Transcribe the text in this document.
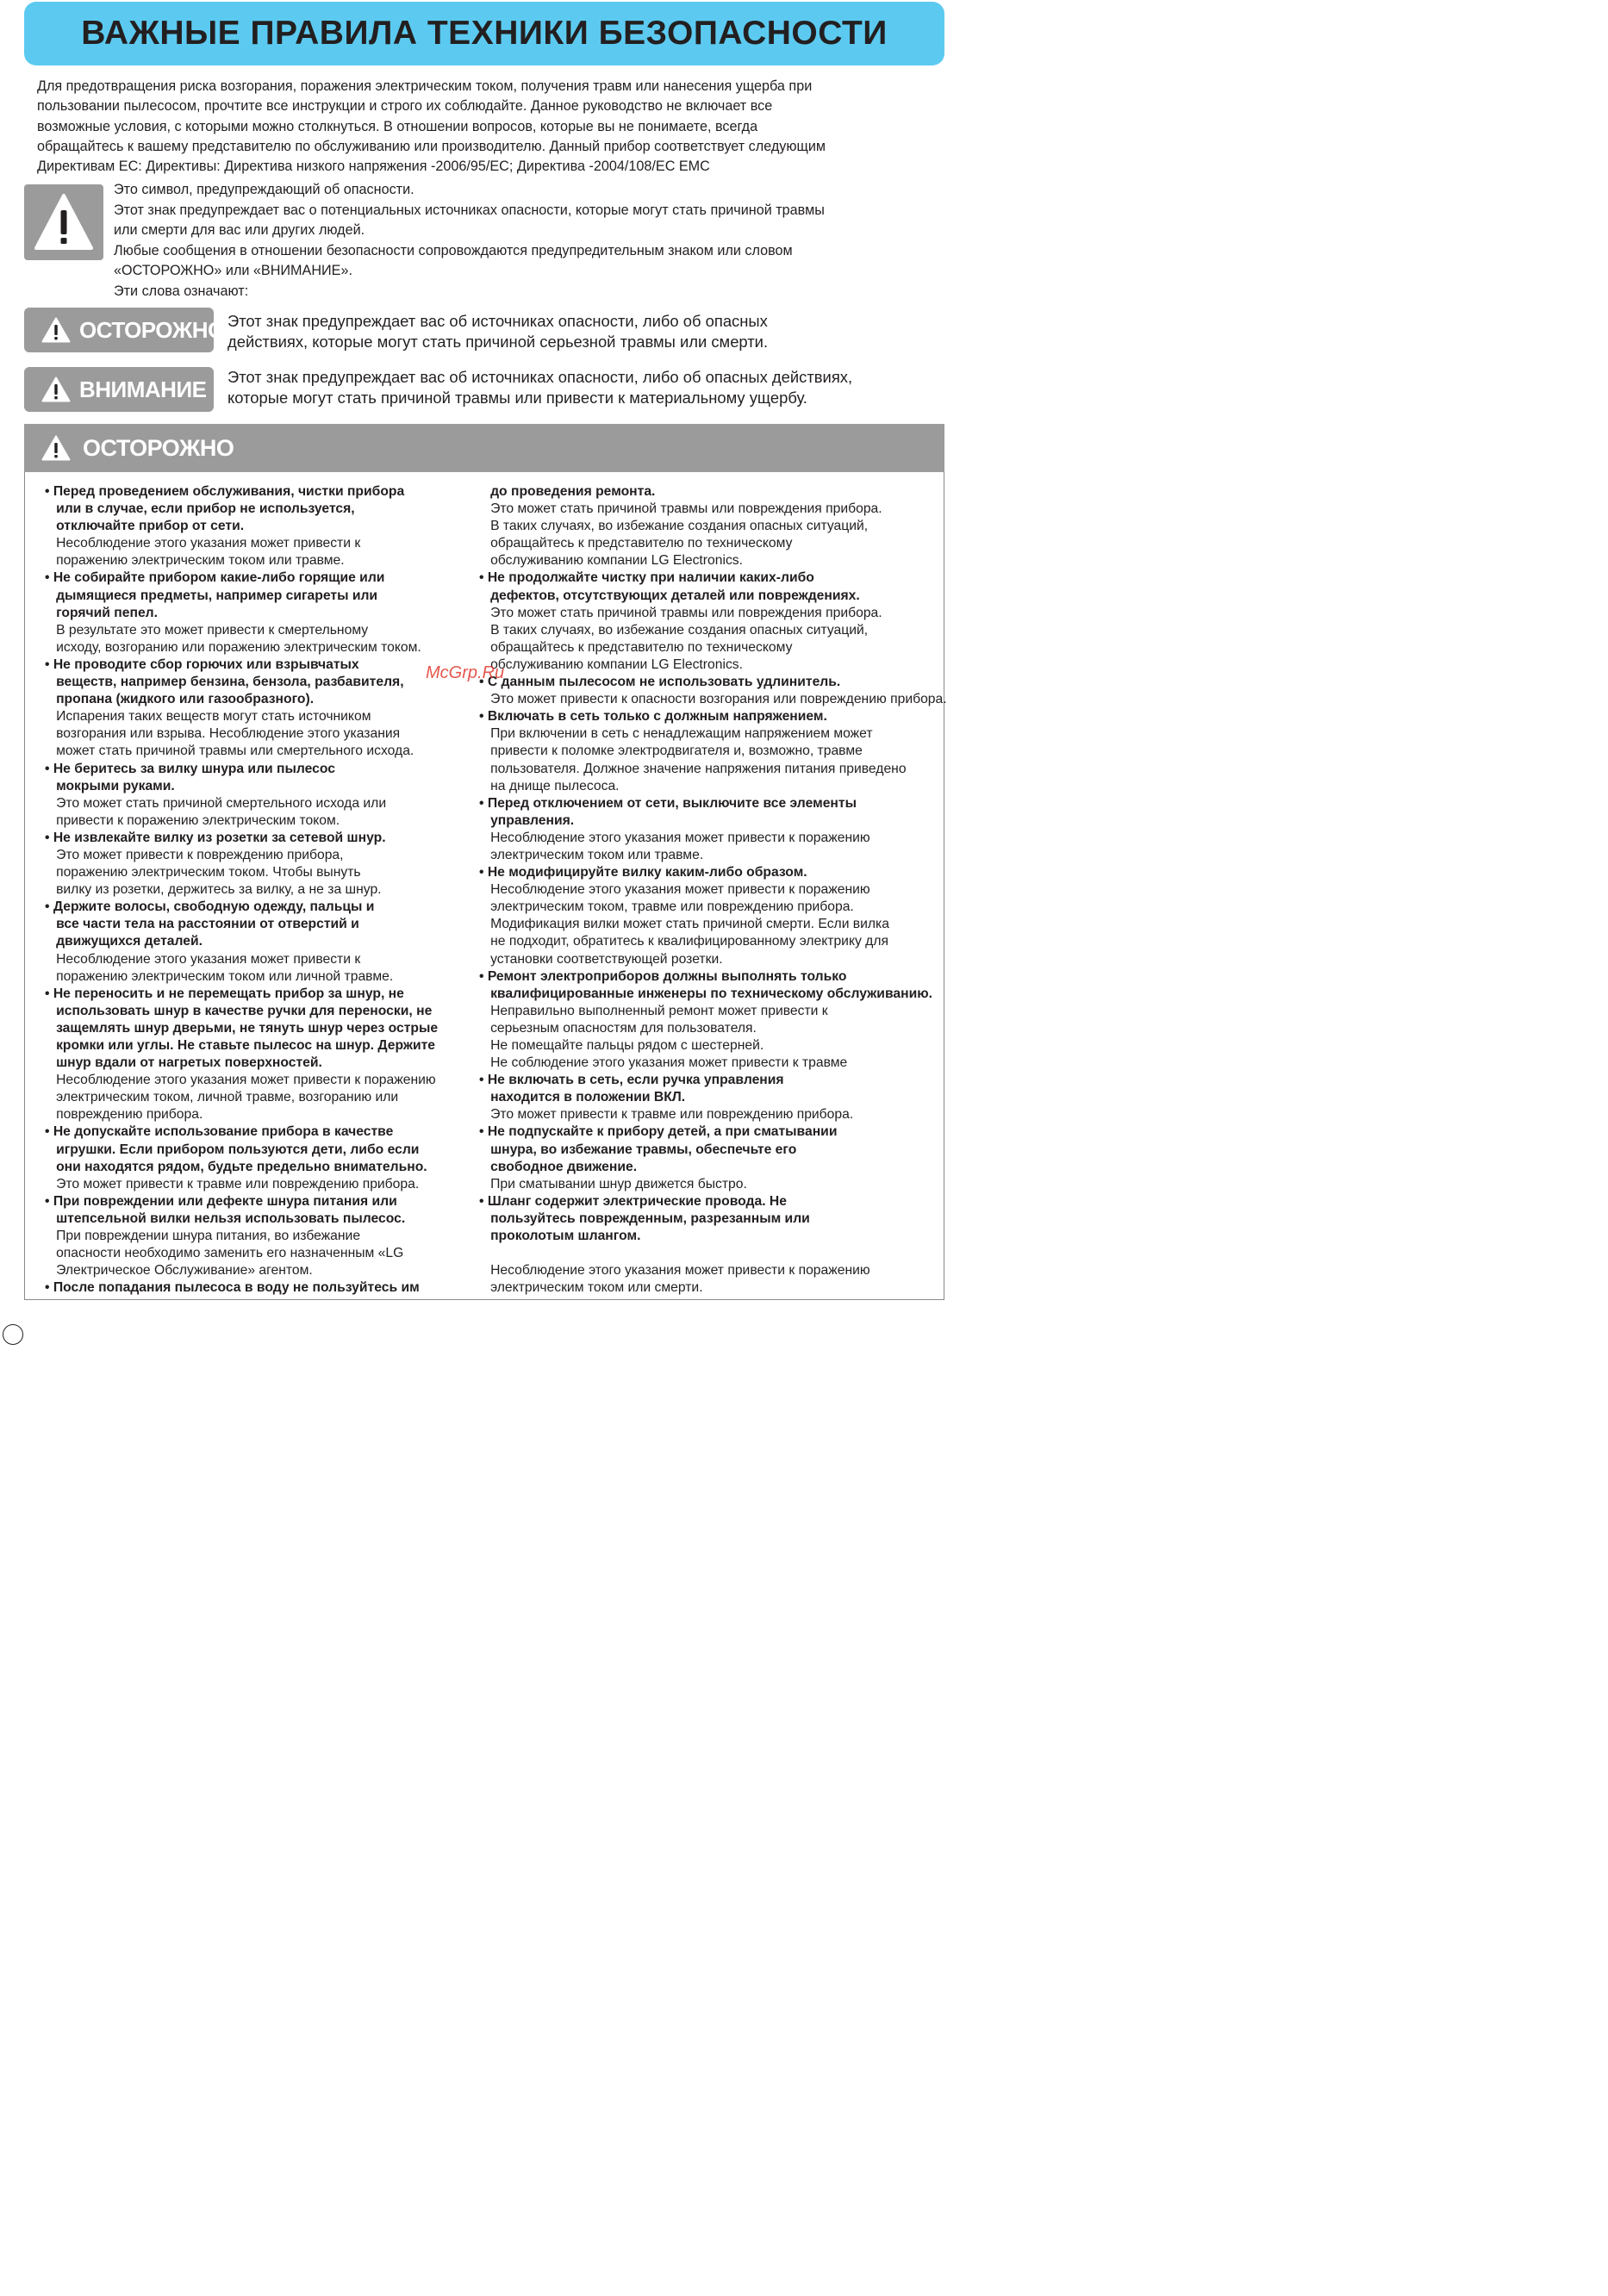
ВАЖНЫЕ ПРАВИЛА ТЕХНИКИ БЕЗОПАСНОСТИ
Для предотвращения риска возгорания, поражения электрическим током, получения травм или нанесения ущерба при
пользовании пылесосом, прочтите все инструкции и строго их соблюдайте. Данное руководство не включает все
возможные условия, с которыми можно столкнуться. В отношении вопросов, которые вы не понимаете, всегда
обращайтесь к вашему представителю по обслуживанию или производителю. Данный прибор соответствует следующим
Директивам ЕС: Директивы: Директива низкого напряжения -2006/95/EC; Директива -2004/108/EC EMC
Это символ, предупреждающий об опасности.
Этот знак предупреждает вас о потенциальных источниках опасности, которые могут стать причиной травмы
или смерти для вас или других людей.
Любые сообщения в отношении безопасности сопровождаются предупредительным знаком или словом
«ОСТОРОЖНО» или «ВНИМАНИЕ».
Эти слова означают:
ОСТОРОЖНО Этот знак предупреждает вас об источниках опасности, либо об опасных
действиях, которые могут стать причиной серьезной травмы или смерти.
ВНИМАНИЕ Этот знак предупреждает вас об источниках опасности, либо об опасных действиях,
которые могут стать причиной травмы или привести к материальному ущербу.
ОСТОРОЖНО
• Перед проведением обслуживания, чистки прибора
или в случае, если прибор не используется,
отключайте прибор от сети.
Несоблюдение этого указания может привести к
поражению электрическим током или травме.
• Не собирайте прибором какие-либо горящие или
дымящиеся предметы, например сигареты или
горячий пепел.
В результате это может привести к смертельному
исходу, возгоранию или поражению электрическим током.
• Не проводите сбор горючих или взрывчатых
веществ, например бензина, бензола, разбавителя,
пропана (жидкого или газообразного).
Испарения таких веществ могут стать источником
возгорания или взрыва. Несоблюдение этого указания
может стать причиной травмы или смертельного исхода.
• Не беритесь за вилку шнура или пылесос
мокрыми руками.
Это может стать причиной смертельного исхода или
привести к поражению электрическим током.
• Не извлекайте вилку из розетки за сетевой шнур.
Это может привести к повреждению прибора,
поражению электрическим током. Чтобы вынуть
вилку из розетки, держитесь за вилку, а не за шнур.
• Держите волосы, свободную одежду, пальцы и
все части тела на расстоянии от отверстий и
движущихся деталей.
Несоблюдение этого указания может привести к
поражению электрическим током или личной травме.
• Не переносить и не перемещать прибор за шнур, не
использовать шнур в качестве ручки для переноски, не
защемлять шнур дверьми, не тянуть шнур через острые
кромки или углы. Не ставьте пылесос на шнур. Держите
шнур вдали от нагретых поверхностей.
Несоблюдение этого указания может привести к поражению
электрическим током, личной травме, возгоранию или
повреждению прибора.
• Не допускайте использование прибора в качестве
игрушки. Если прибором пользуются дети, либо если
они находятся рядом, будьте предельно внимательно.
Это может привести к травме или повреждению прибора.
• При повреждении или дефекте шнура питания или
штепсельной вилки нельзя использовать пылесос.
При повреждении шнура питания, во избежание
опасности необходимо заменить его назначенным «LG
Электрическое Обслуживание» агентом.
• После попадания пылесоса в воду не пользуйтесь им
до проведения ремонта.
Это может стать причиной травмы или повреждения прибора.
В таких случаях, во избежание создания опасных ситуаций,
обращайтесь к представителю по техническому
обслуживанию компании LG Electronics.
• Не продолжайте чистку при наличии каких-либо
дефектов, отсутствующих деталей или повреждениях.
Это может стать причиной травмы или повреждения прибора.
В таких случаях, во избежание создания опасных ситуаций,
обращайтесь к представителю по техническому
обслуживанию компании LG Electronics.
• С данным пылесосом не использовать удлинитель.
Это может привести к опасности возгорания или повреждению прибора.
• Включать в сеть только с должным напряжением.
При включении в сеть с ненадлежащим напряжением может
привести к поломке электродвигателя и, возможно, травме
пользователя. Должное значение напряжения питания приведено
на днище пылесоса.
• Перед отключением от сети, выключите все элементы
управления.
Несоблюдение этого указания может привести к поражению
электрическим током или травме.
• Не модифицируйте вилку каким-либо образом.
Несоблюдение этого указания может привести к поражению
электрическим током, травме или повреждению прибора.
Модификация вилки может стать причиной смерти. Если вилка
не подходит, обратитесь к квалифицированному электрику для
установки соответствующей розетки.
• Ремонт электроприборов должны выполнять только
квалифицированные инженеры по техническому обслуживанию.
Неправильно выполненный ремонт может привести к
серьезным опасностям для пользователя.
Не помещайте пальцы рядом с шестерней.
Не соблюдение этого указания может привести к травме
• Не включать в сеть, если ручка управления
находится в положении ВКЛ.
Это может привести к травме или повреждению прибора.
• Не подпускайте к прибору детей, а при сматывании
шнура, во избежание травмы, обеспечьте его
свободное движение.
При сматывании шнур движется быстро.
• Шланг содержит электрические провода. Не
пользуйтесь поврежденным, разрезанным или
проколотым шлангом.

Несоблюдение этого указания может привести к поражению
электрическим током или смерти.
McGrp.Ru
